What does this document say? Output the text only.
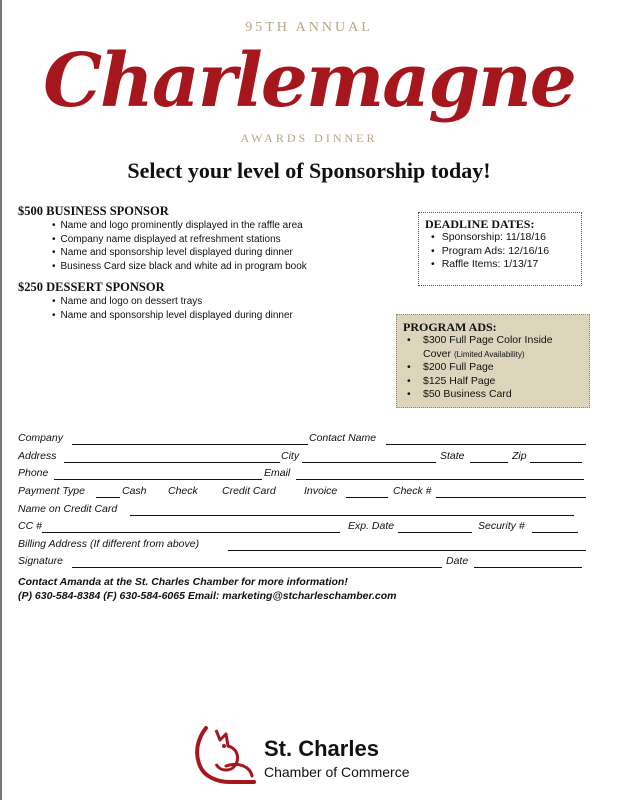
95TH ANNUAL
Charlemagne
AWARDS DINNER
Select your level of Sponsorship today!
$500 BUSINESS SPONSOR
• Name and logo prominently displayed in the raffle area
• Company name displayed at refreshment stations
• Name and sponsorship level displayed during dinner
• Business Card size black and white ad in program book
$250 DESSERT SPONSOR
• Name and logo on dessert trays
• Name and sponsorship level displayed during dinner
DEADLINE DATES:
• Sponsorship: 11/18/16
• Program Ads: 12/16/16
• Raffle Items: 1/13/17
PROGRAM ADS:
• $300 Full Page Color Inside Cover (Limited Availability)
• $200 Full Page
• $125 Half Page
• $50 Business Card
Company	Contact Name
Address	City	State	Zip
Phone	Email
Payment Type	Cash Check Credit Card	Invoice	Check #
Name on Credit Card
CC #	Exp. Date	Security #
Billing Address (If different from above)
Signature	Date
Contact Amanda at the St. Charles Chamber for more information!
(P) 630-584-8384 (F) 630-584-6065 Email: marketing@stcharleschamber.com
St. Charles
Chamber of Commerce
